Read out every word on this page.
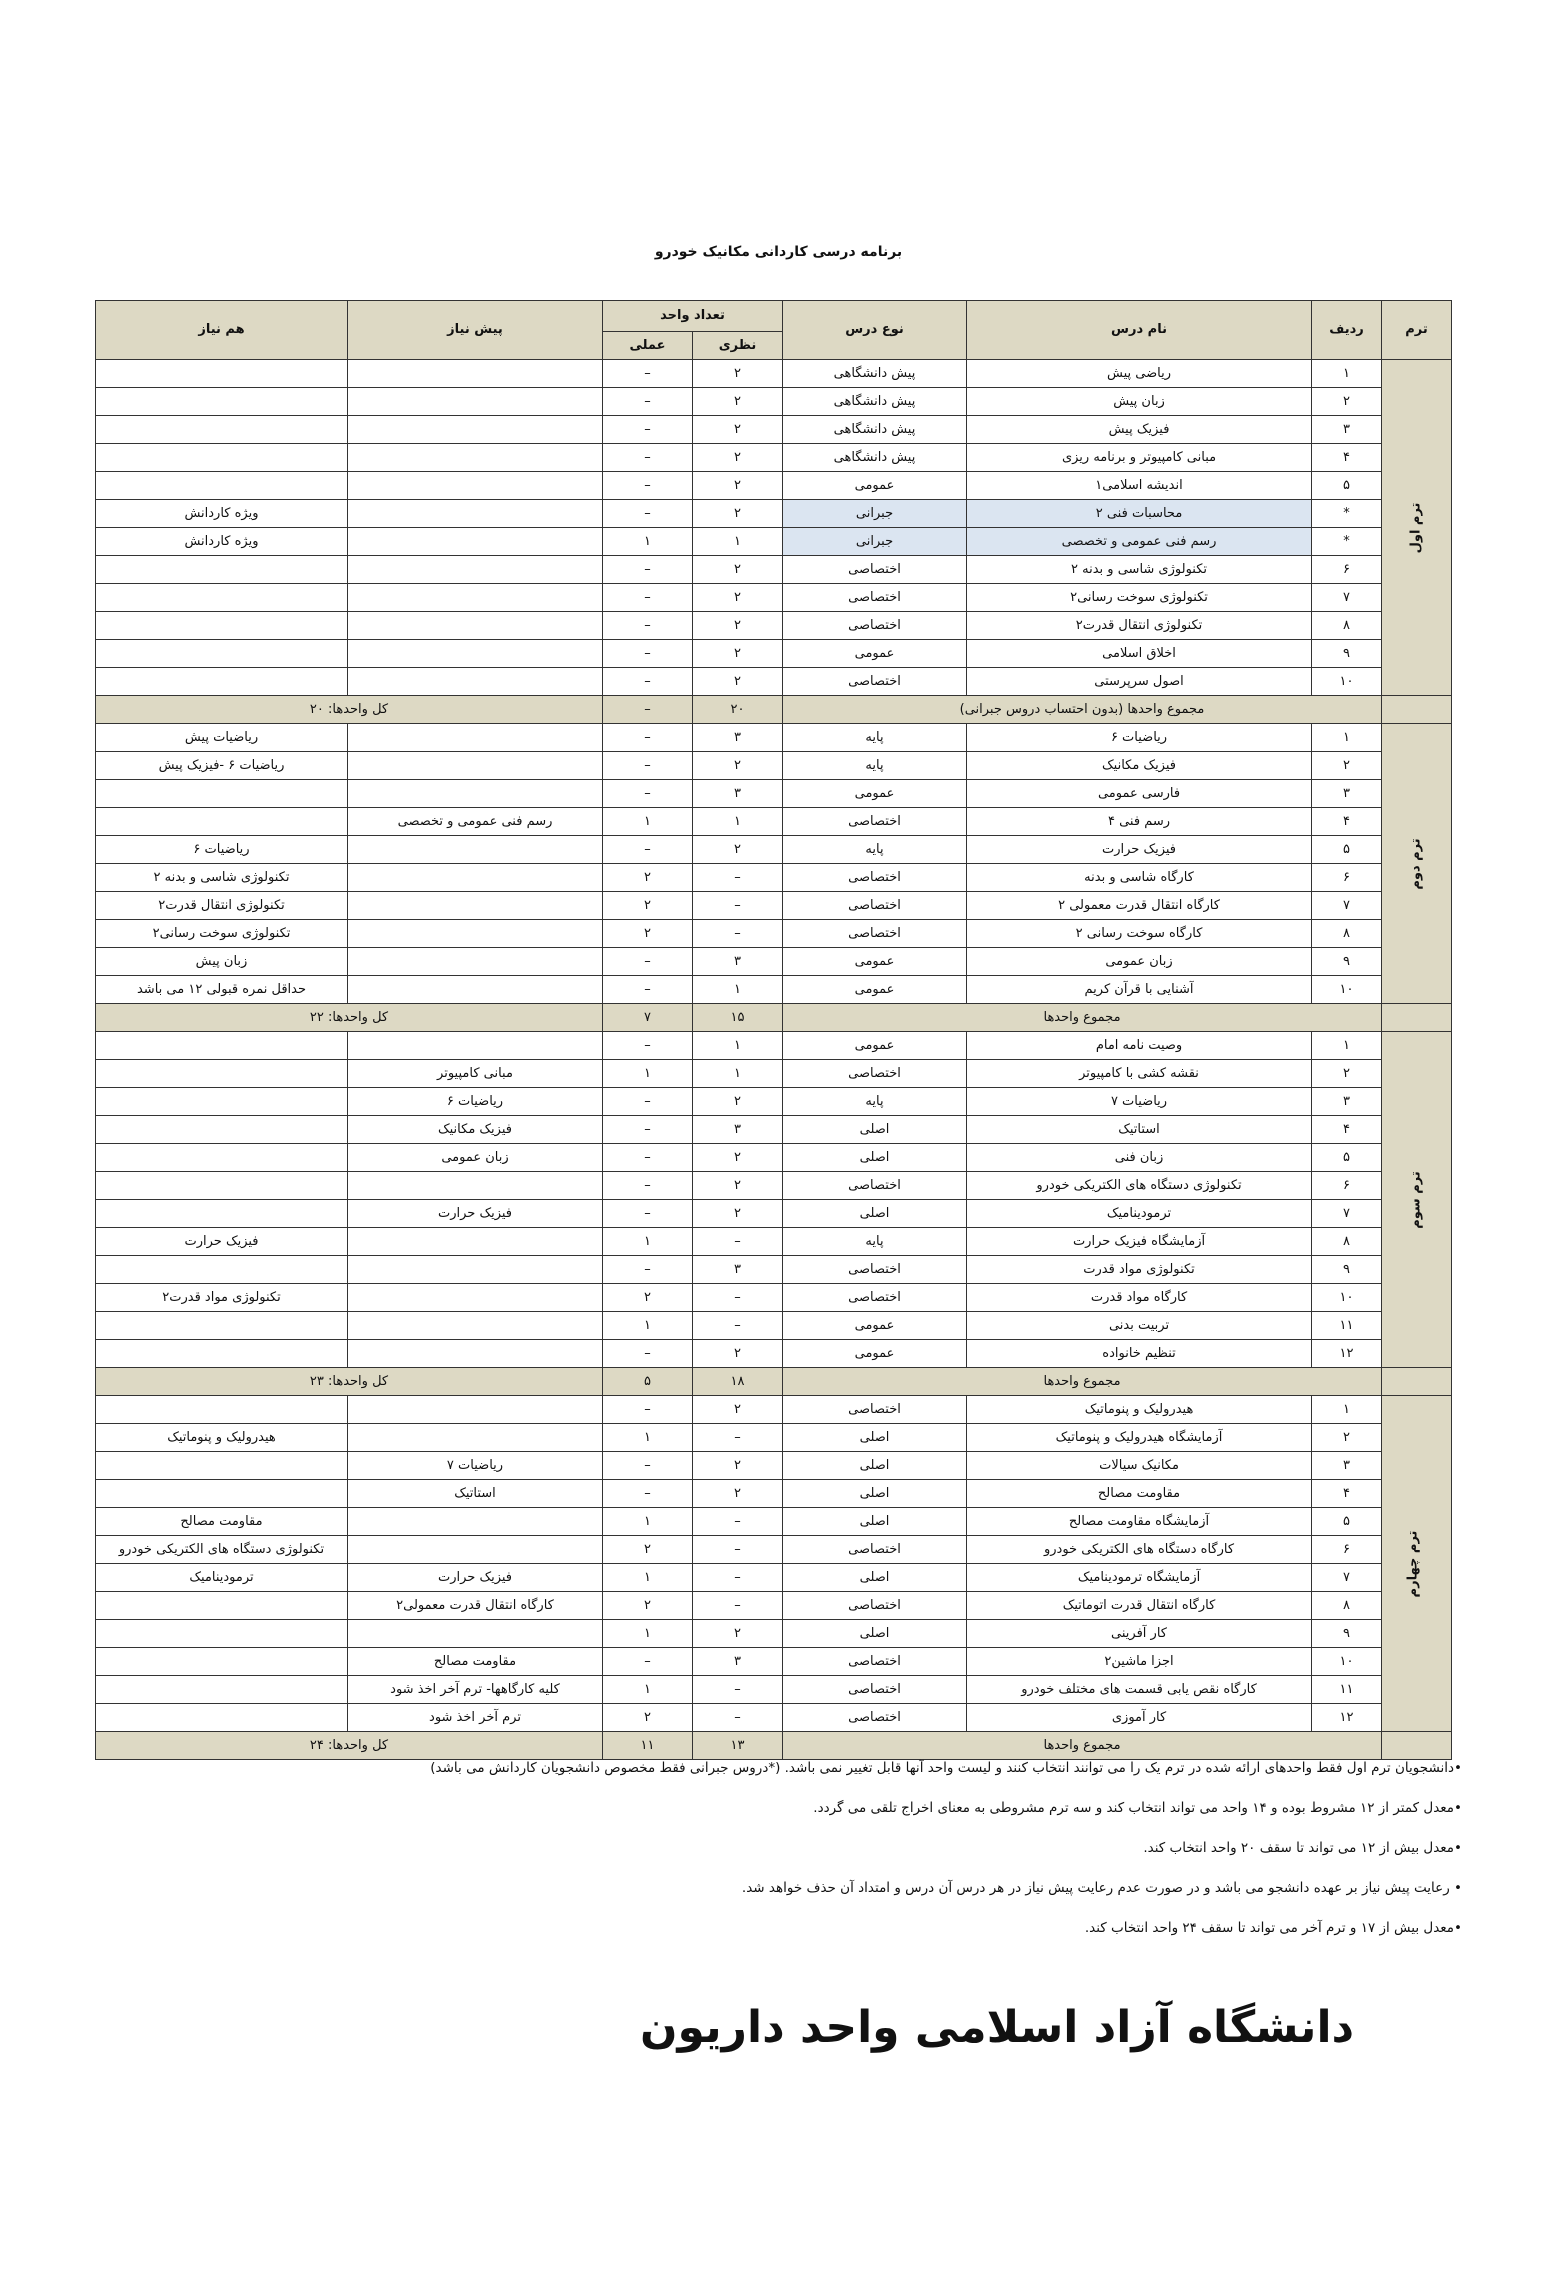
برنامه درسی کاردانی مکانیک خودرو
ترم	ردیف	نام درس	نوع درس	تعداد واحد		پیش نیاز	هم نیاز
				نظری	عملی		
ترم اول	۱	ریاضی پیش	پیش دانشگاهی	۲	–		
	۲	زبان پیش	پیش دانشگاهی	۲	–		
	۳	فیزیک پیش	پیش دانشگاهی	۲	–		
	۴	مبانی کامپیوتر و برنامه ریزی	پیش دانشگاهی	۲	–		
	۵	اندیشه اسلامی۱	عمومی	۲	–		
	*	محاسبات فنی ۲	جبرانی	۲	–		ویژه کاردانش
	*	رسم فنی عمومی و تخصصی	جبرانی	۱	۱		ویژه کاردانش
	۶	تکنولوژی شاسی و بدنه ۲	اختصاصی	۲	–		
	۷	تکنولوژی سوخت رسانی۲	اختصاصی	۲	–		
	۸	تکنولوژی انتقال قدرت۲	اختصاصی	۲	–		
	۹	اخلاق اسلامی	عمومی	۲	–		
	۱۰	اصول سرپرستی	اختصاصی	۲	–		
	مجموع واحدها (بدون احتساب دروس جبرانی)			۲۰	–	کل واحدها: ۲۰	
ترم دوم	۱	ریاضیات ۶	پایه	۳	–		ریاضیات پیش
	۲	فیزیک مکانیک	پایه	۲	–		ریاضیات ۶ -فیزیک پیش
	۳	فارسی عمومی	عمومی	۳	–		
	۴	رسم فنی ۴	اختصاصی	۱	۱	رسم فنی عمومی و تخصصی	
	۵	فیزیک حرارت	پایه	۲	–		ریاضیات ۶
	۶	کارگاه شاسی و بدنه	اختصاصی	–	۲		تکنولوژی شاسی و بدنه ۲
	۷	کارگاه انتقال قدرت معمولی ۲	اختصاصی	–	۲		تکنولوژی انتقال قدرت۲
	۸	کارگاه سوخت رسانی ۲	اختصاصی	–	۲		تکنولوژی سوخت رسانی۲
	۹	زبان عمومی	عمومی	۳	–		زبان پیش
	۱۰	آشنایی با قرآن کریم	عمومی	۱	–		حداقل نمره قبولی ۱۲ می باشد
	مجموع واحدها			۱۵	۷	کل واحدها: ۲۲	
ترم سوم	۱	وصیت نامه امام	عمومی	۱	–		
	۲	نقشه کشی با کامپیوتر	اختصاصی	۱	۱	مبانی کامپیوتر	
	۳	ریاضیات ۷	پایه	۲	–	ریاضیات ۶	
	۴	استاتیک	اصلی	۳	–	فیزیک مکانیک	
	۵	زبان فنی	اصلی	۲	–	زبان عمومی	
	۶	تکنولوژی دستگاه های الکتریکی خودرو	اختصاصی	۲	–		
	۷	ترمودینامیک	اصلی	۲	–	فیزیک حرارت	
	۸	آزمایشگاه فیزیک حرارت	پایه	–	۱		فیزیک حرارت
	۹	تکنولوژی مواد قدرت	اختصاصی	۳	–		
	۱۰	کارگاه مواد قدرت	اختصاصی	–	۲		تکنولوژی مواد قدرت۲
	۱۱	تربیت بدنی	عمومی	–	۱		
	۱۲	تنظیم خانواده	عمومی	۲	–		
	مجموع واحدها			۱۸	۵	کل واحدها: ۲۳	
ترم چهارم	۱	هیدرولیک و پنوماتیک	اختصاصی	۲	–		
	۲	آزمایشگاه هیدرولیک و پنوماتیک	اصلی	–	۱		هیدرولیک و پنوماتیک
	۳	مکانیک سیالات	اصلی	۲	–	ریاضیات ۷	
	۴	مقاومت مصالح	اصلی	۲	–	استاتیک	
	۵	آزمایشگاه مقاومت مصالح	اصلی	–	۱		مقاومت مصالح
	۶	کارگاه دستگاه های الکتریکی خودرو	اختصاصی	–	۲		تکنولوژی دستگاه های الکتریکی خودرو
	۷	آزمایشگاه ترمودینامیک	اصلی	–	۱	فیزیک حرارت	ترمودینامیک
	۸	کارگاه انتقال قدرت اتوماتیک	اختصاصی	–	۲	کارگاه انتقال قدرت معمولی۲	
	۹	کار آفرینی	اصلی	۲	۱		
	۱۰	اجزا ماشین۲	اختصاصی	۳	–	مقاومت مصالح	
	۱۱	کارگاه نقص یابی قسمت های مختلف خودرو	اختصاصی	–	۱	کلیه کارگاهها- ترم آخر اخذ شود	
	۱۲	کار آموزی	اختصاصی	–	۲	ترم آخر اخذ شود	
	مجموع واحدها			۱۳	۱۱	کل واحدها: ۲۴	

•دانشجویان ترم اول فقط واحدهای ارائه شده در ترم یک را می توانند انتخاب کنند و لیست واحد آنها قابل تغییر نمی باشد. (*دروس جبرانی فقط مخصوص دانشجویان کاردانش می باشد)

•معدل کمتر از ۱۲ مشروط بوده و ۱۴ واحد می تواند انتخاب کند و سه ترم مشروطی به معنای اخراج تلقی می گردد.

•معدل بیش از ۱۲ می تواند تا سقف ۲۰ واحد انتخاب کند.

• رعایت پیش نیاز بر عهده دانشجو می باشد و در صورت عدم رعایت پیش نیاز در هر درس آن درس و امتداد آن حذف خواهد شد.

•معدل بیش از ۱۷ و ترم آخر می تواند تا سقف ۲۴ واحد انتخاب کند.

دانشگاه آزاد اسلامی واحد داریون
